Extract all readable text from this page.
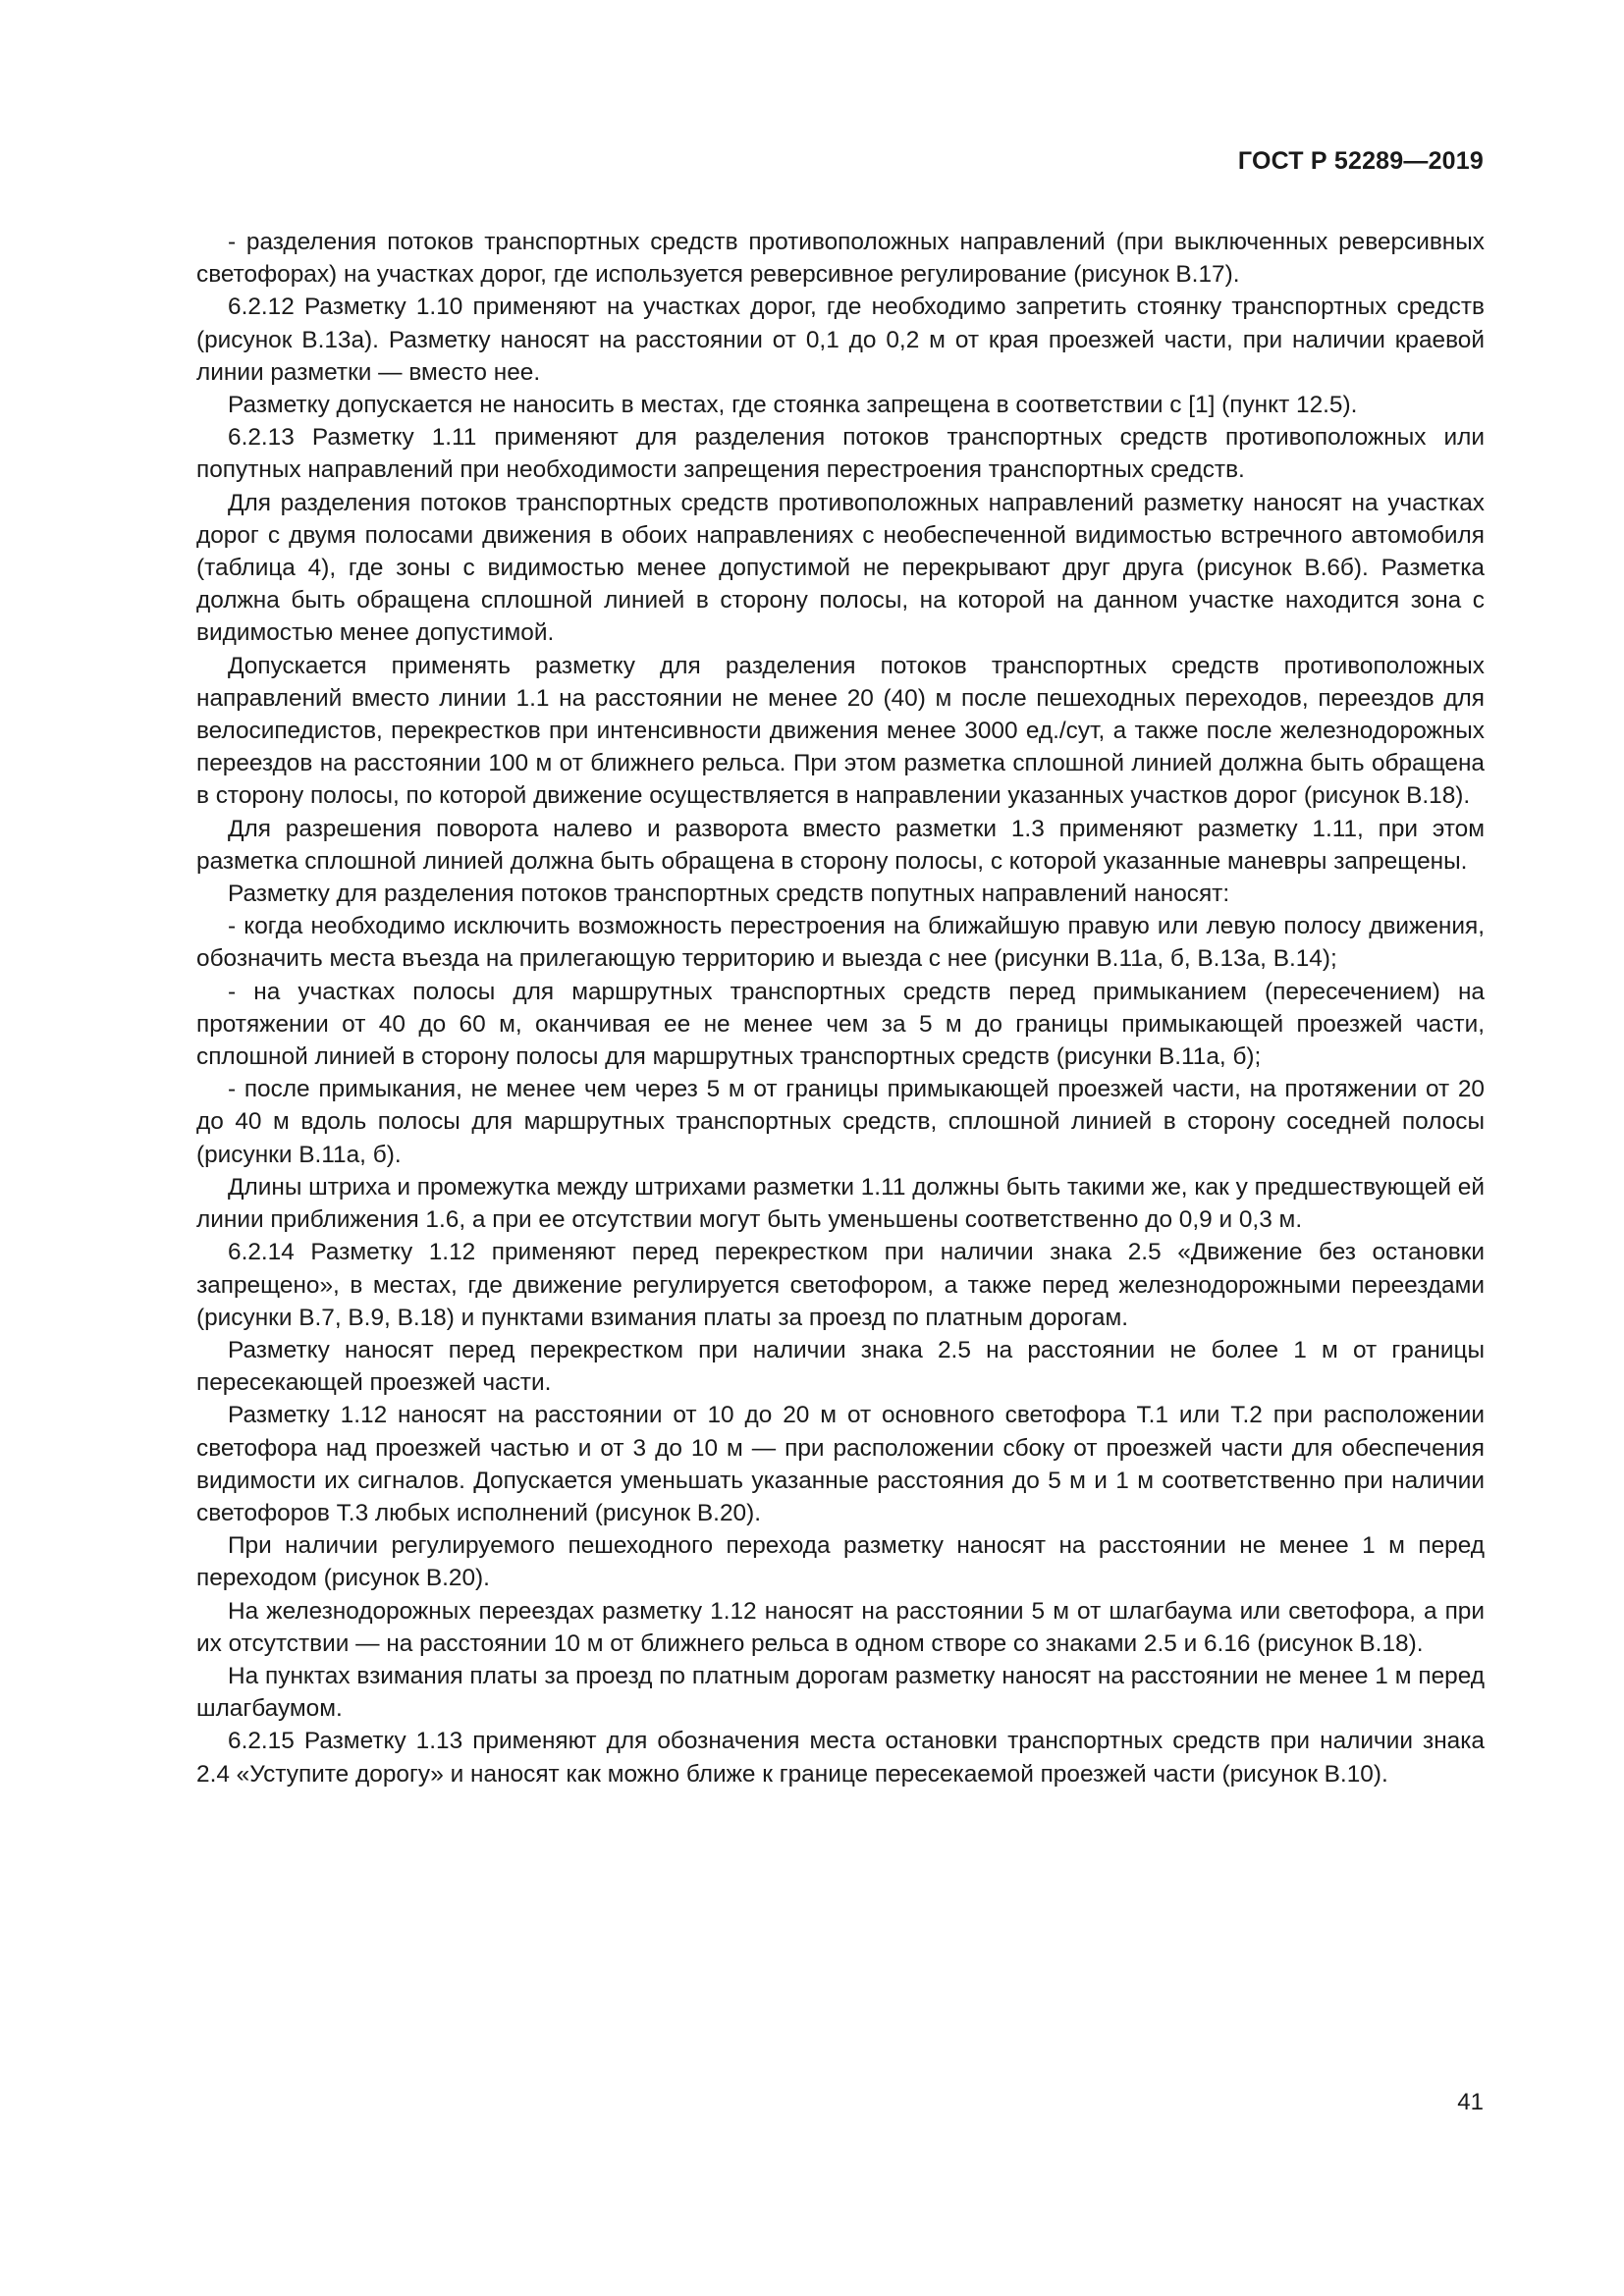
ГОСТ Р 52289—2019

- разделения потоков транспортных средств противоположных направлений (при выключенных реверсивных светофорах) на участках дорог, где используется реверсивное регулирование (рисунок В.17).

6.2.12 Разметку 1.10 применяют на участках дорог, где необходимо запретить стоянку транспортных средств (рисунок В.13а). Разметку наносят на расстоянии от 0,1 до 0,2 м от края проезжей части, при наличии краевой линии разметки — вместо нее.

Разметку допускается не наносить в местах, где стоянка запрещена в соответствии с [1] (пункт 12.5).

6.2.13 Разметку 1.11 применяют для разделения потоков транспортных средств противоположных или попутных направлений при необходимости запрещения перестроения транспортных средств.

Для разделения потоков транспортных средств противоположных направлений разметку наносят на участках дорог с двумя полосами движения в обоих направлениях с необеспеченной видимостью встречного автомобиля (таблица 4), где зоны с видимостью менее допустимой не перекрывают друг друга (рисунок В.6б). Разметка должна быть обращена сплошной линией в сторону полосы, на которой на данном участке находится зона с видимостью менее допустимой.

Допускается применять разметку для разделения потоков транспортных средств противоположных направлений вместо линии 1.1 на расстоянии не менее 20 (40) м после пешеходных переходов, переездов для велосипедистов, перекрестков при интенсивности движения менее 3000 ед./сут, а также после железнодорожных переездов на расстоянии 100 м от ближнего рельса. При этом разметка сплошной линией должна быть обращена в сторону полосы, по которой движение осуществляется в направлении указанных участков дорог (рисунок В.18).

Для разрешения поворота налево и разворота вместо разметки 1.3 применяют разметку 1.11, при этом разметка сплошной линией должна быть обращена в сторону полосы, с которой указанные маневры запрещены.

Разметку для разделения потоков транспортных средств попутных направлений наносят:

- когда необходимо исключить возможность перестроения на ближайшую правую или левую полосу движения, обозначить места въезда на прилегающую территорию и выезда с нее (рисунки В.11а, б, В.13а, В.14);

- на участках полосы для маршрутных транспортных средств перед примыканием (пересечением) на протяжении от 40 до 60 м, оканчивая ее не менее чем за 5 м до границы примыкающей проезжей части, сплошной линией в сторону полосы для маршрутных транспортных средств (рисунки В.11а, б);

- после примыкания, не менее чем через 5 м от границы примыкающей проезжей части, на протяжении от 20 до 40 м вдоль полосы для маршрутных транспортных средств, сплошной линией в сторону соседней полосы (рисунки В.11а, б).

Длины штриха и промежутка между штрихами разметки 1.11 должны быть такими же, как у предшествующей ей линии приближения 1.6, а при ее отсутствии могут быть уменьшены соответственно до 0,9 и 0,3 м.

6.2.14 Разметку 1.12 применяют перед перекрестком при наличии знака 2.5 «Движение без остановки запрещено», в местах, где движение регулируется светофором, а также перед железнодорожными переездами (рисунки В.7, В.9, В.18) и пунктами взимания платы за проезд по платным дорогам.

Разметку наносят перед перекрестком при наличии знака 2.5 на расстоянии не более 1 м от границы пересекающей проезжей части.

Разметку 1.12 наносят на расстоянии от 10 до 20 м от основного светофора Т.1 или Т.2 при расположении светофора над проезжей частью и от 3 до 10 м — при расположении сбоку от проезжей части для обеспечения видимости их сигналов. Допускается уменьшать указанные расстояния до 5 м и 1 м соответственно при наличии светофоров Т.3 любых исполнений (рисунок В.20).

При наличии регулируемого пешеходного перехода разметку наносят на расстоянии не менее 1 м перед переходом (рисунок В.20).

На железнодорожных переездах разметку 1.12 наносят на расстоянии 5 м от шлагбаума или светофора, а при их отсутствии — на расстоянии 10 м от ближнего рельса в одном створе со знаками 2.5 и 6.16 (рисунок В.18).

На пунктах взимания платы за проезд по платным дорогам разметку наносят на расстоянии не менее 1 м перед шлагбаумом.

6.2.15 Разметку 1.13 применяют для обозначения места остановки транспортных средств при наличии знака 2.4 «Уступите дорогу» и наносят как можно ближе к границе пересекаемой проезжей части (рисунок В.10).

41
